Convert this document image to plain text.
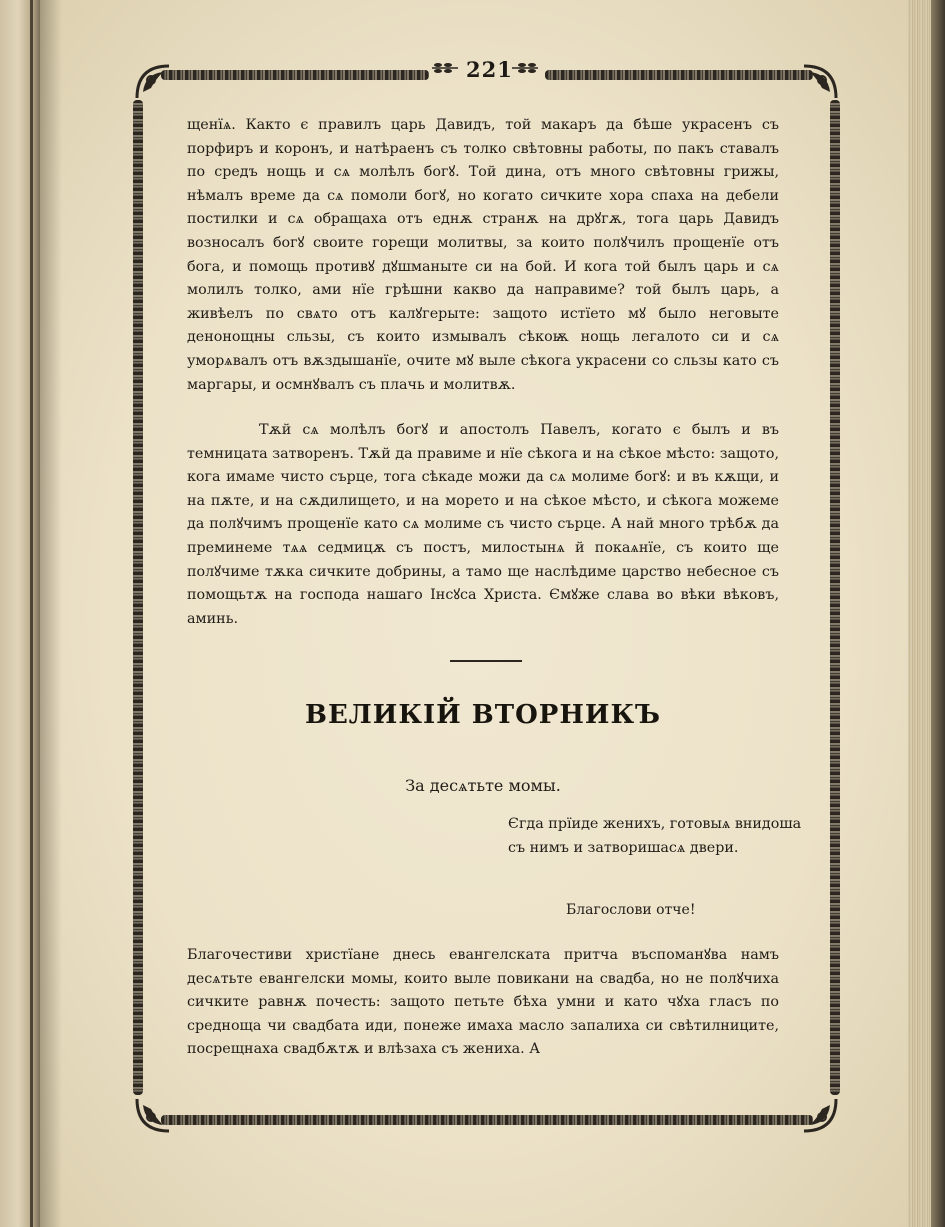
221
щенїѧ. Както є правилъ царь Давидъ, той макаръ да бѣше украсенъ съ порфиръ и коронъ, и натѣраенъ съ толко свѣтовны работы, по пакъ ставалъ по средъ нощь и сѧ молѣлъ богꙋ. Той дина, отъ много свѣтовны грижы, нѣмалъ време да сѧ помоли богꙋ, но когато сичките хора спаха на дебели постилки и сѧ обращаха отъ еднѫ странѫ на дрꙋгѫ, тога царь Давидъ возносалъ богꙋ своите горещи молитвы, за които полꙋчилъ прощенїе отъ бога, и помощь противꙋ дꙋшманыте си на бой. И кога той былъ царь и сѧ молилъ толко, ами нїе грѣшни какво да направиме? той былъ царь, а живѣелъ по свѧто отъ калꙋгерыте: защото истїето мꙋ было неговыте денонощны сльзы, съ които измывалъ сѣкоѭ нощь легалото си и сѧ уморѧвалъ отъ вѫздышанїе, очите мꙋ выле сѣкога украсени со сльзы като съ маргары, и осмнꙋвалъ съ плачь и молитвѫ.
Тѫй сѧ молѣлъ богꙋ и апостолъ Павелъ, когато є былъ и въ темницата затворенъ. Тѫй да правиме и нїе сѣкога и на сѣкое мѣсто: защото, кога имаме чисто сърце, тога сѣкаде можи да сѧ молиме богꙋ: и въ кѫщи, и на пѫте, и на сѫдилището, и на морето и на сѣкое мѣсто, и сѣкога можеме да полꙋчимъ прощенїе като сѧ молиме съ чисто сърце. А най много трѣбѫ да преминеме тѧѧ седмицѫ съ постъ, милостынѧ й покаѧнїе, съ които ще полꙋчиме тѫка сичките добрины, а тамо ще наслѣдиме царство небесное съ помощьтѫ на господа нашаго Інсꙋса Христа. Ємꙋже слава во вѣки вѣковъ, аминь.
ВЕЛИКІЙ ВТОРНИКЪ
За десѧтьте момы.
Єгда прїиде женихъ, готовыѧ внидоша съ нимъ и затворишасѧ двери.
Благослови отче!
Благочестиви христїане днесь евангелската притча въспоманꙋва намъ десѧтьте евангелски момы, които выле повикани на свадба, но не полꙋчиха сичките равнѫ почесть: защото петьте бѣха умни и като чꙋха гласъ по средноща чи свадбата иди, понеже имаха масло запалиха си свѣтилниците, посрещнаха свадбѫтѫ и влѣзаха съ жениха. А
